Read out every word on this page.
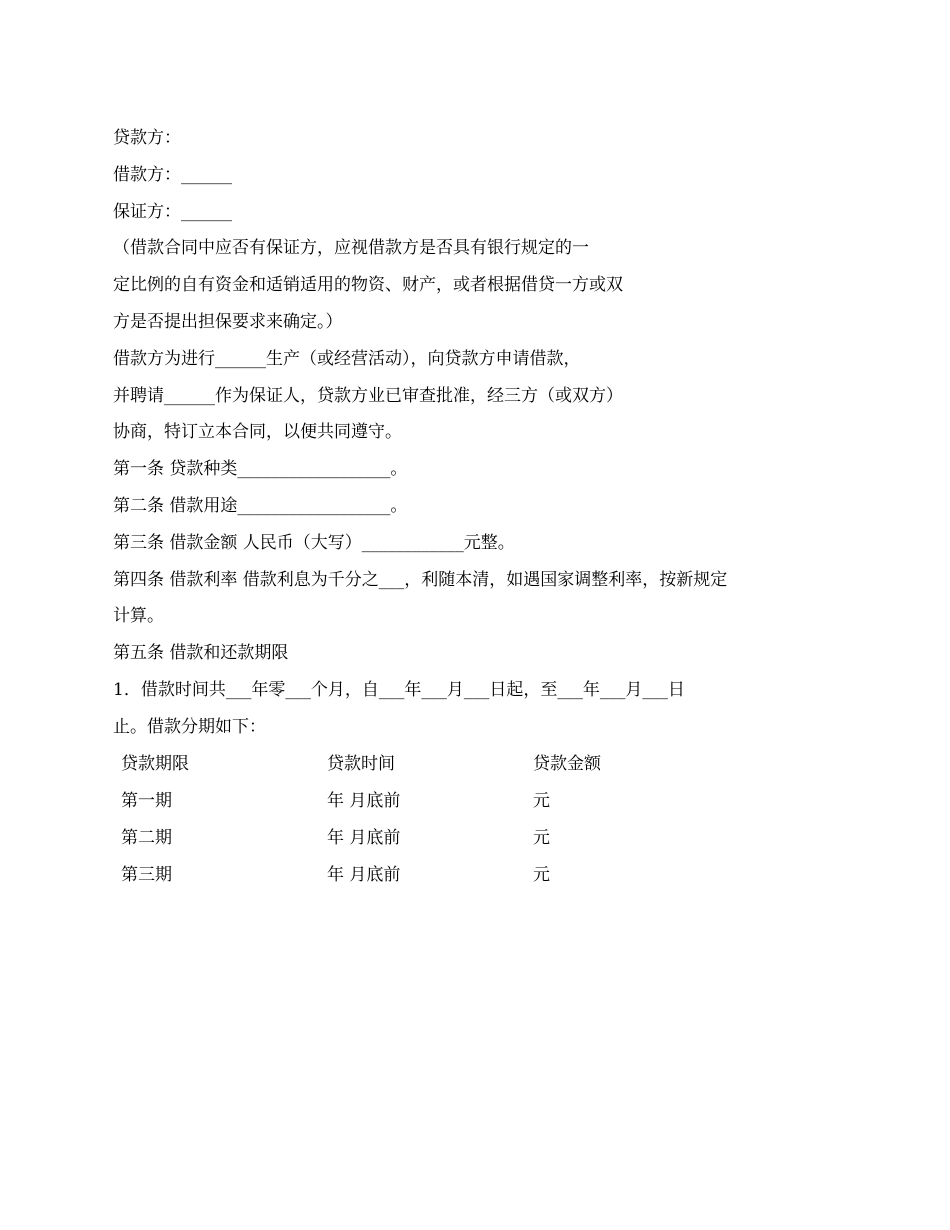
贷款方：
借款方：______
保证方：______
（借款合同中应否有保证方，应视借款方是否具有银行规定的一
定比例的自有资金和适销适用的物资、财产，或者根据借贷一方或双
方是否提出担保要求来确定。）
借款方为进行______生产（或经营活动），向贷款方申请借款，
并聘请______作为保证人，贷款方业已审查批准，经三方（或双方）
协商，特订立本合同，以便共同遵守。
第一条 贷款种类__________________。
第二条 借款用途__________________。
第三条 借款金额 人民币（大写）____________元整。
第四条 借款利率 借款利息为千分之___，利随本清，如遇国家调整利率，按新规定
计算。
第五条 借款和还款期限
1．借款时间共___年零___个月，自___年___月___日起，至___年___月___日
止。借款分期如下：
贷款期限	贷款时间	贷款金额
第一期	年 月底前	元
第二期	年 月底前	元
第三期	年 月底前	元
